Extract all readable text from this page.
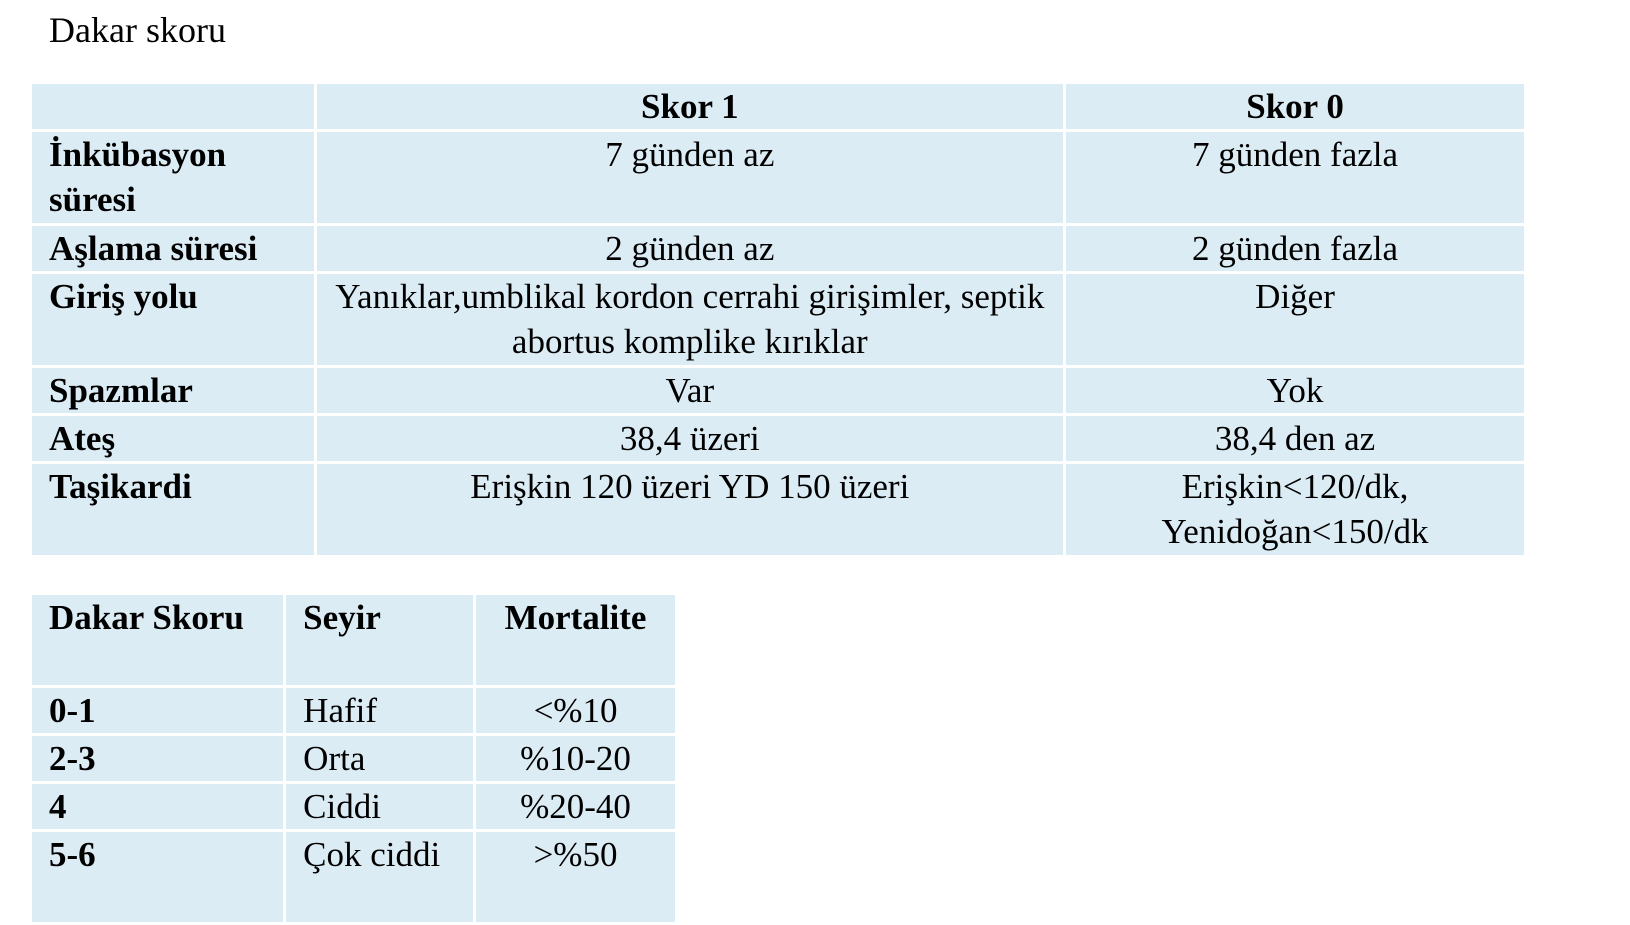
Dakar skoru
	Skor 1	Skor 0
İnkübasyon süresi	7 günden az	7 günden fazla
Aşlama süresi	2 günden az	2 günden fazla
Giriş yolu	Yanıklar,umblikal kordon cerrahi girişimler, septik abortus komplike kırıklar	Diğer
Spazmlar	Var	Yok
Ateş	38,4 üzeri	38,4 den az
Taşikardi	Erişkin 120 üzeri YD 150 üzeri	Erişkin<120/dk, Yenidoğan<150/dk
Dakar Skoru	Seyir	Mortalite
0-1	Hafif	<%10
2-3	Orta	%10-20
4	Ciddi	%20-40
5-6	Çok ciddi	>%50
